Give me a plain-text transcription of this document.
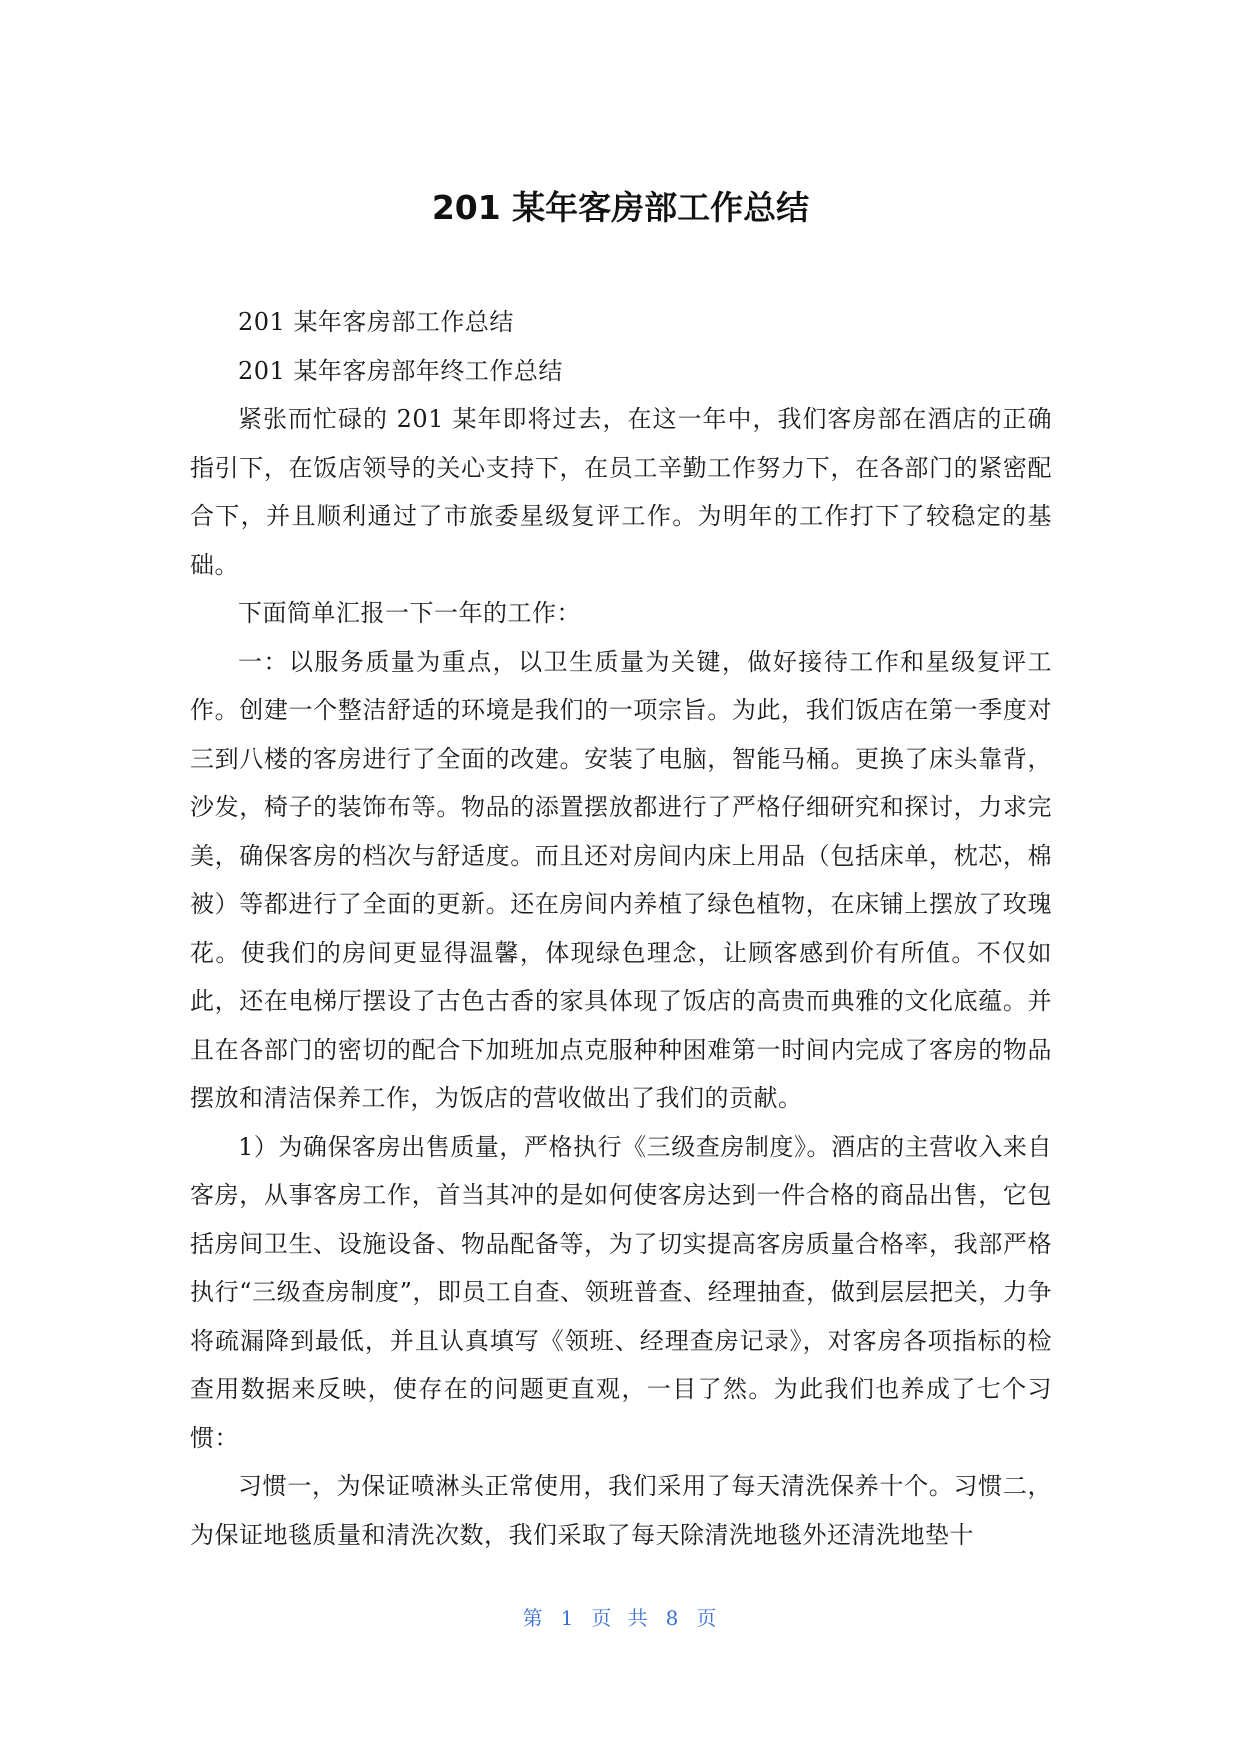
201 某年客房部工作总结

201 某年客房部工作总结

201 某年客房部年终工作总结

紧张而忙碌的 201 某年即将过去，在这一年中，我们客房部在酒店的正确指引下，在饭店领导的关心支持下，在员工辛勤工作努力下，在各部门的紧密配合下，并且顺利通过了市旅委星级复评工作。为明年的工作打下了较稳定的基础。

下面简单汇报一下一年的工作：

一：以服务质量为重点，以卫生质量为关键，做好接待工作和星级复评工作。创建一个整洁舒适的环境是我们的一项宗旨。为此，我们饭店在第一季度对三到八楼的客房进行了全面的改建。安装了电脑，智能马桶。更换了床头靠背，沙发，椅子的装饰布等。物品的添置摆放都进行了严格仔细研究和探讨，力求完美，确保客房的档次与舒适度。而且还对房间内床上用品（包括床单，枕芯，棉被）等都进行了全面的更新。还在房间内养植了绿色植物，在床铺上摆放了玫瑰花。使我们的房间更显得温馨，体现绿色理念，让顾客感到价有所值。不仅如此，还在电梯厅摆设了古色古香的家具体现了饭店的高贵而典雅的文化底蕴。并且在各部门的密切的配合下加班加点克服种种困难第一时间内完成了客房的物品摆放和清洁保养工作，为饭店的营收做出了我们的贡献。

1）为确保客房出售质量，严格执行《三级查房制度》。酒店的主营收入来自客房，从事客房工作，首当其冲的是如何使客房达到一件合格的商品出售，它包括房间卫生、设施设备、物品配备等，为了切实提高客房质量合格率，我部严格执行“三级查房制度”，即员工自查、领班普查、经理抽查，做到层层把关，力争将疏漏降到最低，并且认真填写《领班、经理查房记录》，对客房各项指标的检查用数据来反映，使存在的问题更直观，一目了然。为此我们也养成了七个习惯：

习惯一，为保证喷淋头正常使用，我们采用了每天清洗保养十个。习惯二，为保证地毯质量和清洗次数，我们采取了每天除清洗地毯外还清洗地垫十

第 1 页 共 8 页
